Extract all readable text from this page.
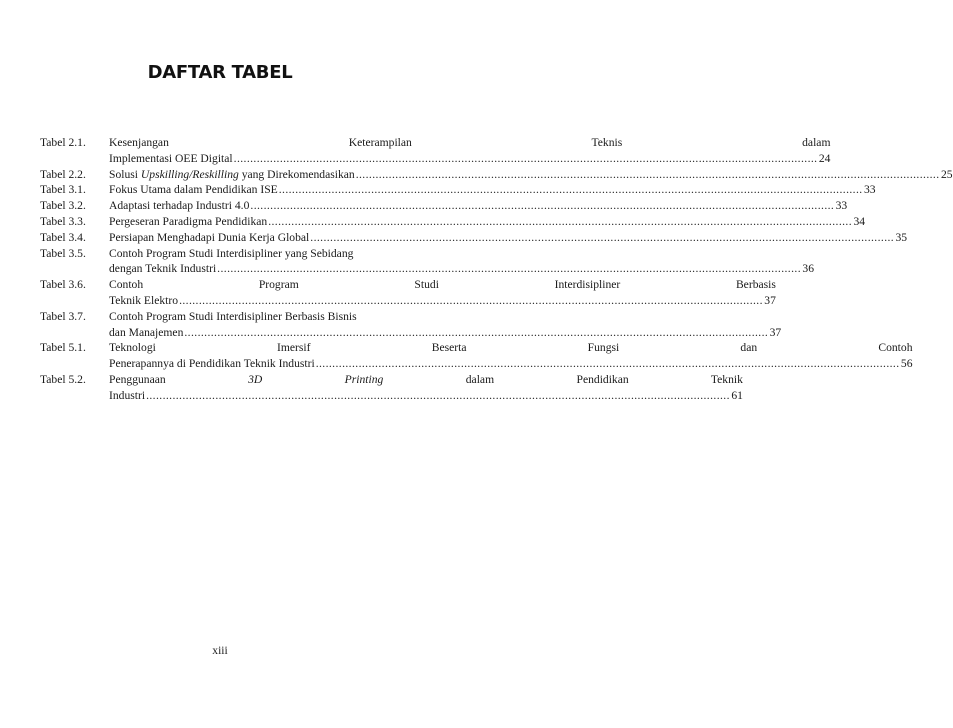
DAFTAR TABEL
Tabel 2.1.	Kesenjangan Keterampilan Teknis dalam
Implementasi OEE Digital .....	24
Tabel 2.2.	Solusi Upskilling/Reskilling yang Direkomendasikan .....	25
Tabel 3.1.	Fokus Utama dalam Pendidikan ISE .....	33
Tabel 3.2.	Adaptasi terhadap Industri 4.0 .....	33
Tabel 3.3.	Pergeseran Paradigma Pendidikan .....	34
Tabel 3.4.	Persiapan Menghadapi Dunia Kerja Global .....	35
Tabel 3.5.	Contoh Program Studi Interdisipliner yang Sebidang
dengan Teknik Industri .....	36
Tabel 3.6.	Contoh Program Studi Interdisipliner Berbasis
Teknik Elektro .....	37
Tabel 3.7.	Contoh Program Studi Interdisipliner Berbasis Bisnis
dan Manajemen .....	37
Tabel 5.1.	Teknologi Imersif Beserta Fungsi dan Contoh
Penerapannya di Pendidikan Teknik Industri .....	56
Tabel 5.2.	Penggunaan 3D Printing dalam Pendidikan Teknik
Industri .....	61
xiii
